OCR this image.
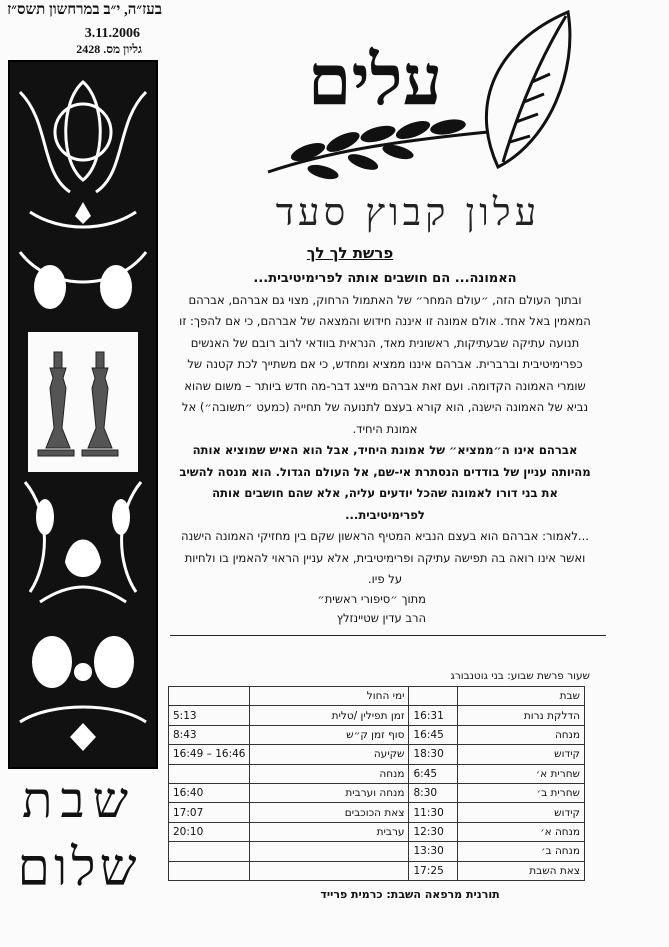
בעז״ה, י״ב במרחשון תשס״ז
3.11.2006
גליון מס. 2428
שבת
שלום
עלים
עלון קבוץ סעד
פרשת לך לך

האמונה... הם חושבים אותה לפרימיטיבית...

ובתוך העולם הזה, ״עולם המחר״ של האתמול הרחוק, מצוי גם אברהם, אברהם המאמין באל אחד. אולם אמונה זו איננה חידוש והמצאה של אברהם, כי אם להפך: זו תנועה עתיקה שבעתיקות, ראשונית מאד, הנראית בוודאי לרוב רובם של האנשים כפרימיטיבית וברברית. אברהם איננו ממציא ומחדש, כי אם משתייך לכת קטנה של שומרי האמונה הקדומה. ועם זאת אברהם מייצג דבר-מה חדש ביותר – משום שהוא נביא של האמונה הישנה, הוא קורא בעצם לתנועה של תחייה (כמעט ״תשובה״) אל אמונת היחיד.

אברהם אינו ה״ממציא״ של אמונת היחיד, אבל הוא האיש שמוציא אותה מהיותה עניין של בודדים הנסתרת אי-שם, אל העולם הגדול. הוא מנסה להשיב את בני דורו לאמונה שהכל יודעים עליה, אלא שהם חושבים אותה לפרימיטיבית...

...לאמור: אברהם הוא בעצם הנביא המטיף הראשון שקם בין מחזיקי האמונה הישנה ואשר אינו רואה בה תפישה עתיקה ופרימיטיבית, אלא עניין הראוי להאמין בו ולחיות על פיו.

מתוך ״סיפורי ראשית״
הרב עדין שטיינזלץ
שעור פרשת שבוע: בני גוטנבורג
שבת		ימי החול	
הדלקת נרות	16:31	זמן תפילין /טלית	5:13
מנחה	16:45	סוף זמן ק״ש	8:43
קידוש	18:30	שקיעה	16:46 – 16:49
שחרית א׳	6:45	מנחה	
שחרית ב׳	8:30	מנחה וערבית	16:40
קידוש	11:30	צאת הכוכבים	17:07
מנחה א׳	12:30	ערבית	20:10
מנחה ב׳	13:30		
צאת השבת	17:25		
תורנית מרפאה השבת: כרמית פרייד
